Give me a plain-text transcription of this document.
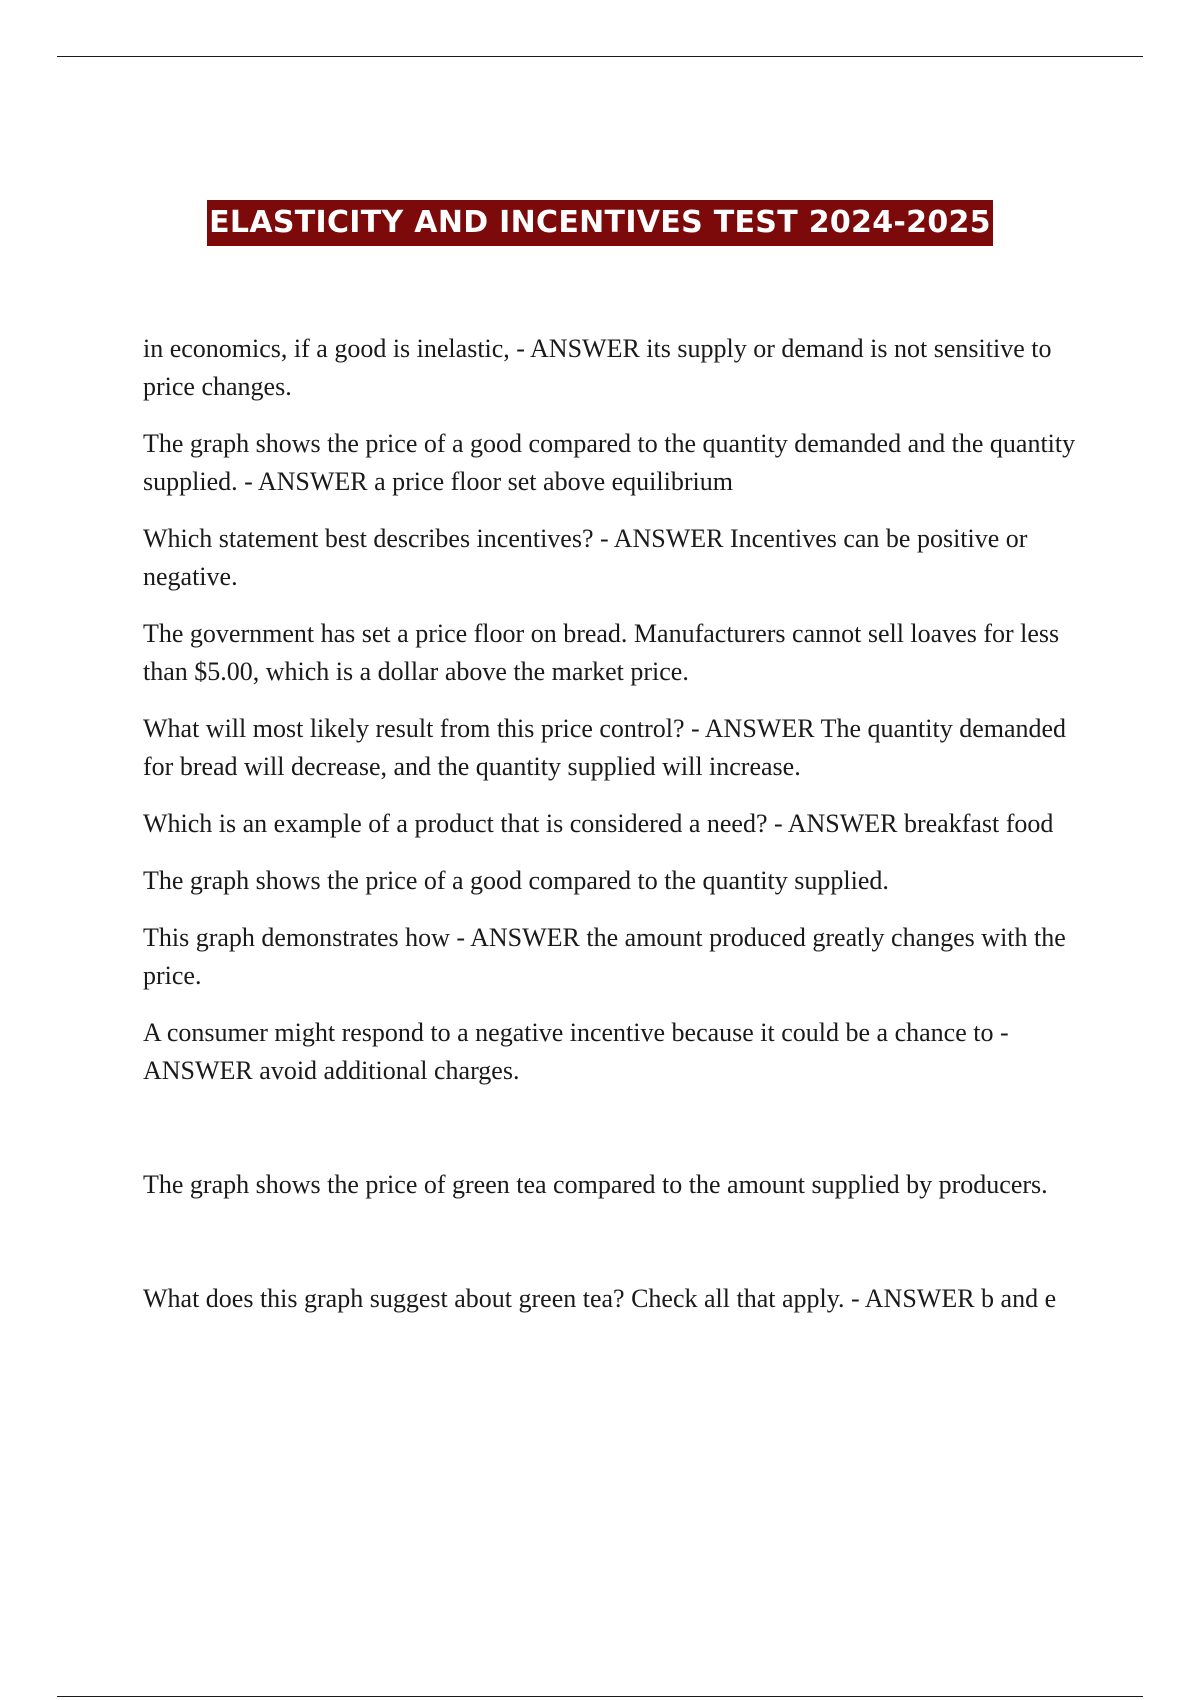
ELASTICITY AND INCENTIVES TEST 2024-2025

in economics, if a good is inelastic, - ANSWER its supply or demand is not sensitive to price changes.

The graph shows the price of a good compared to the quantity demanded and the quantity supplied. - ANSWER a price floor set above equilibrium

Which statement best describes incentives? - ANSWER Incentives can be positive or negative.

The government has set a price floor on bread. Manufacturers cannot sell loaves for less than $5.00, which is a dollar above the market price.

What will most likely result from this price control? - ANSWER The quantity demanded for bread will decrease, and the quantity supplied will increase.

Which is an example of a product that is considered a need? - ANSWER breakfast food

The graph shows the price of a good compared to the quantity supplied.

This graph demonstrates how - ANSWER the amount produced greatly changes with the price.

A consumer might respond to a negative incentive because it could be a chance to - ANSWER avoid additional charges.

The graph shows the price of green tea compared to the amount supplied by producers.

What does this graph suggest about green tea? Check all that apply. - ANSWER b and e
